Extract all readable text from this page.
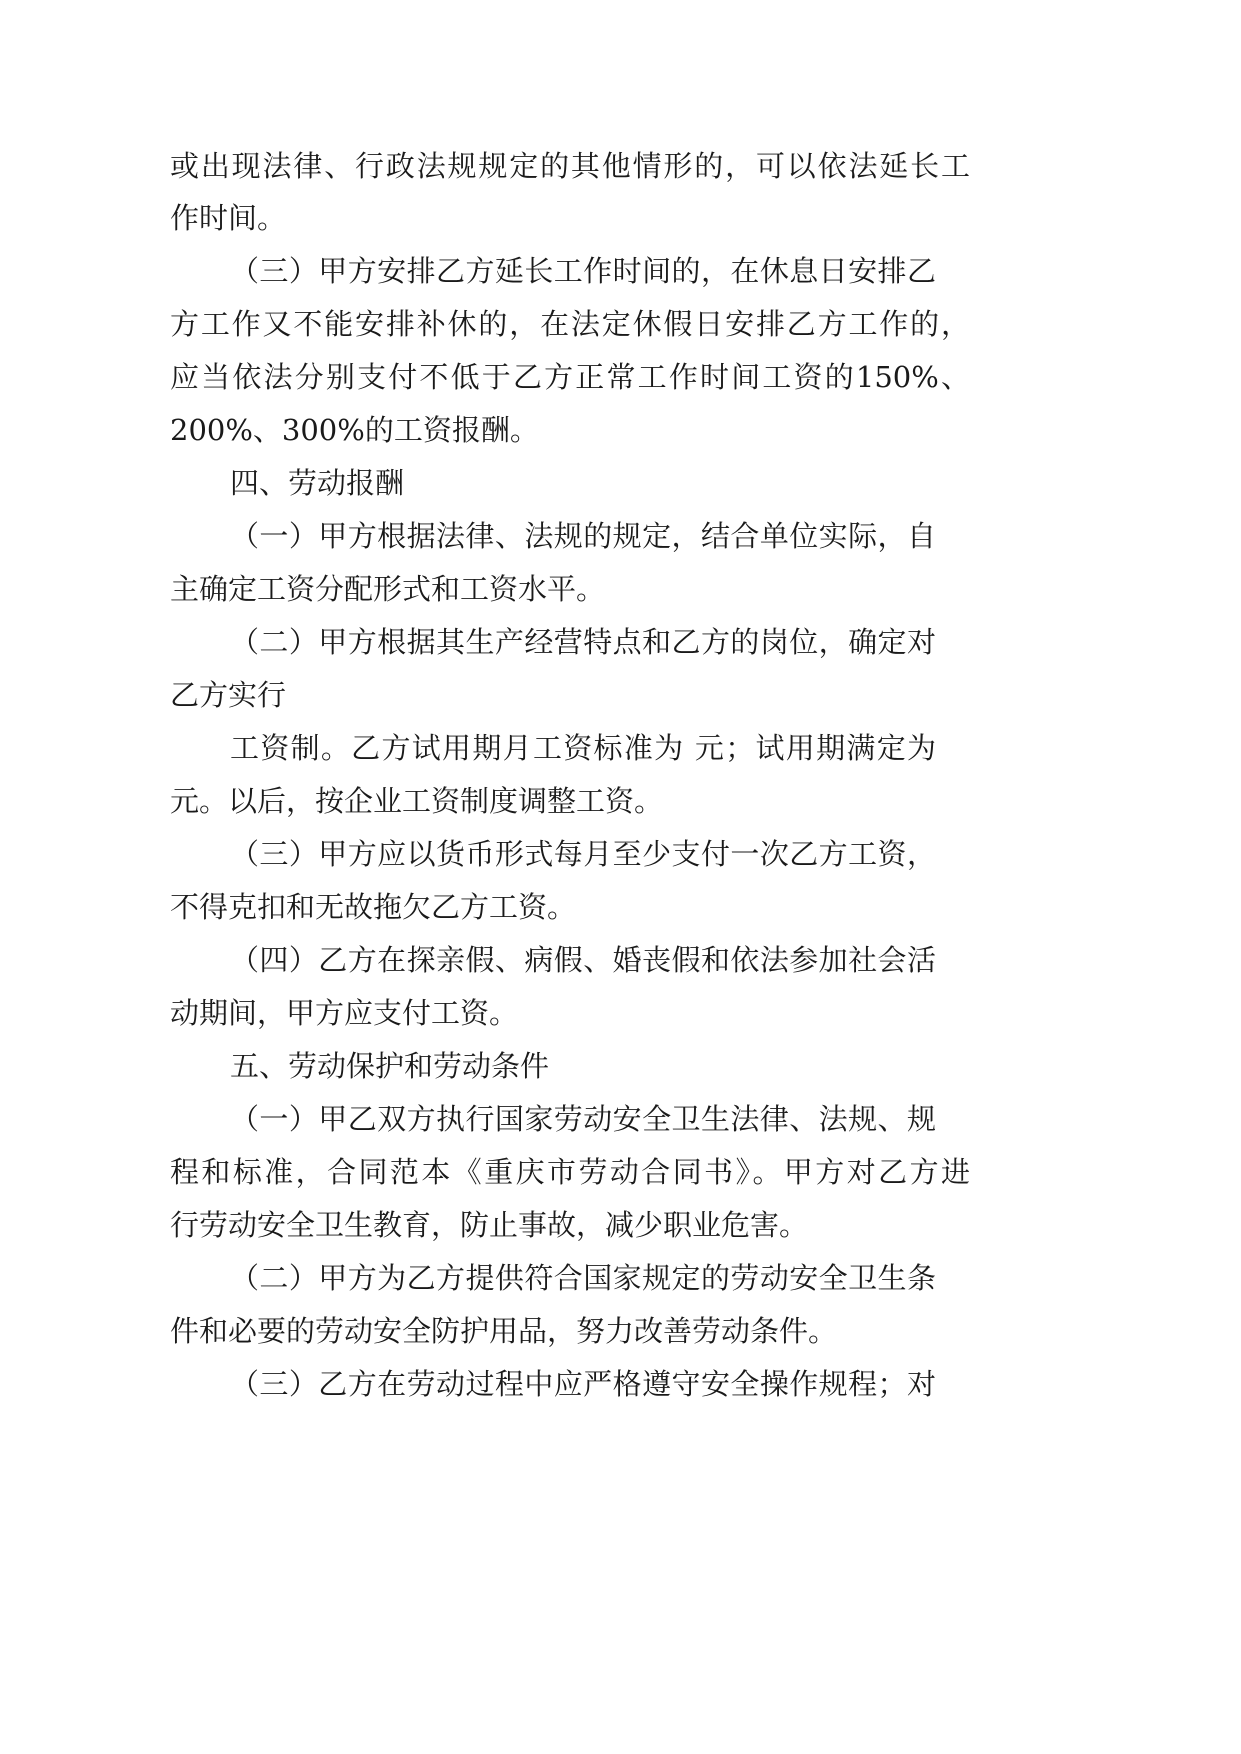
或出现法律、行政法规规定的其他情形的，可以依法延长工
作时间。
（三）甲方安排乙方延长工作时间的，在休息日安排乙
方工作又不能安排补休的，在法定休假日安排乙方工作的，
应当依法分别支付不低于乙方正常工作时间工资的150%、
200%、300%的工资报酬。
四、劳动报酬
（一）甲方根据法律、法规的规定，结合单位实际，自
主确定工资分配形式和工资水平。
（二）甲方根据其生产经营特点和乙方的岗位，确定对
乙方实行
工资制。乙方试用期月工资标准为 元；试用期满定为
元。以后，按企业工资制度调整工资。
（三）甲方应以货币形式每月至少支付一次乙方工资，
不得克扣和无故拖欠乙方工资。
（四）乙方在探亲假、病假、婚丧假和依法参加社会活
动期间，甲方应支付工资。
五、劳动保护和劳动条件
（一）甲乙双方执行国家劳动安全卫生法律、法规、规
程和标准，合同范本《重庆市劳动合同书》。甲方对乙方进
行劳动安全卫生教育，防止事故，减少职业危害。
（二）甲方为乙方提供符合国家规定的劳动安全卫生条
件和必要的劳动安全防护用品，努力改善劳动条件。
（三）乙方在劳动过程中应严格遵守安全操作规程；对
